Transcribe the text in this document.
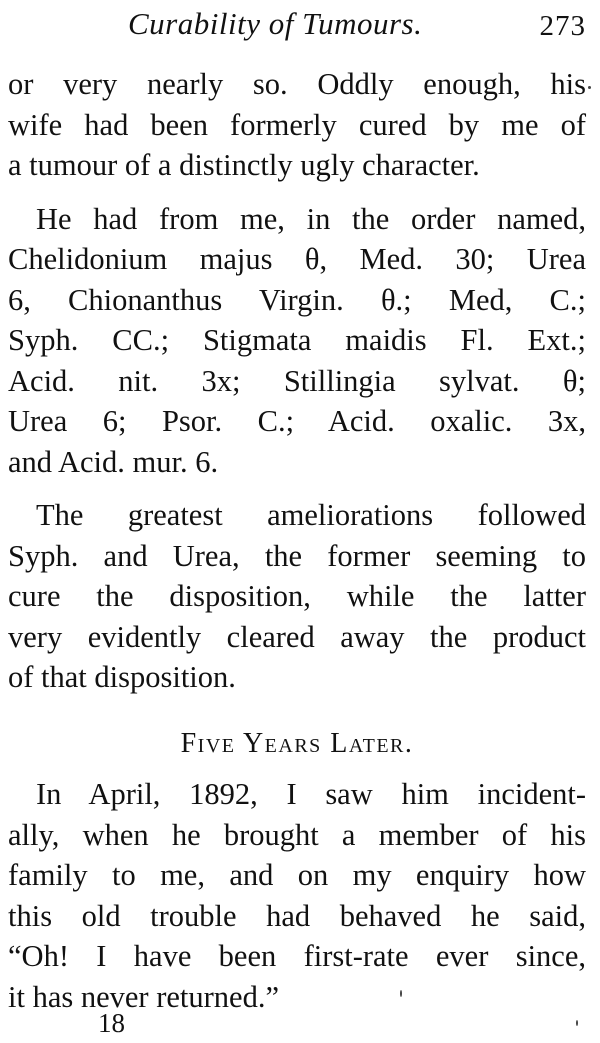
Curability of Tumours.	273
or very nearly so. Oddly enough, his
wife had been formerly cured by me of
a tumour of a distinctly ugly character.
He had from me, in the order named,
Chelidonium majus θ, Med. 30; Urea
6, Chionanthus Virgin. θ.; Med, C.;
Syph. CC.; Stigmata maidis Fl. Ext.;
Acid. nit. 3x; Stillingia sylvat. θ;
Urea 6; Psor. C.; Acid. oxalic. 3x,
and Acid. mur. 6.
The greatest ameliorations followed
Syph. and Urea, the former seeming to
cure the disposition, while the latter
very evidently cleared away the product
of that disposition.
Five Years Later.
In April, 1892, I saw him incident-
ally, when he brought a member of his
family to me, and on my enquiry how
this old trouble had behaved he said,
“Oh! I have been first-rate ever since,
it has never returned.”
18
